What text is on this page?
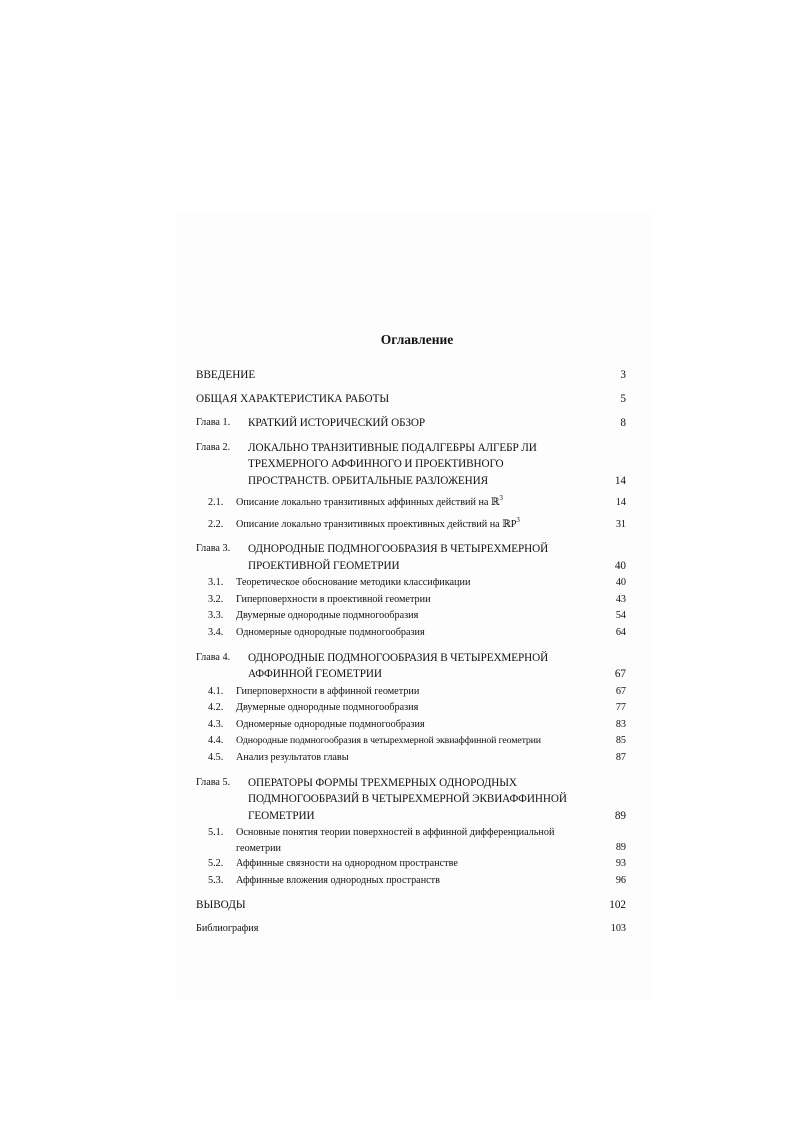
Оглавление
ВВЕДЕНИЕ	3
ОБЩАЯ ХАРАКТЕРИСТИКА РАБОТЫ	5
Глава 1.	КРАТКИЙ ИСТОРИЧЕСКИЙ ОБЗОР	8
Глава 2.	ЛОКАЛЬНО ТРАНЗИТИВНЫЕ ПОДАЛГЕБРЫ АЛГЕБР ЛИ ТРЕХМЕРНОГО АФФИННОГО И ПРОЕКТИВНОГО ПРОСТРАНСТВ. ОРБИТАЛЬНЫЕ РАЗЛОЖЕНИЯ	14
2.1.	Описание локально транзитивных аффинных действий на ℝ$^3$	14
2.2.	Описание локально транзитивных проективных действий на ℝP$^3$	31
Глава 3.	ОДНОРОДНЫЕ ПОДМНОГООБРАЗИЯ В ЧЕТЫРЕХМЕРНОЙ ПРОЕКТИВНОЙ ГЕОМЕТРИИ	40
3.1.	Теоретическое обоснование методики классификации	40
3.2.	Гиперповерхности в проективной геометрии	43
3.3.	Двумерные однородные подмногообразия	54
3.4.	Одномерные однородные подмногообразия	64
Глава 4.	ОДНОРОДНЫЕ ПОДМНОГООБРАЗИЯ В ЧЕТЫРЕХМЕРНОЙ АФФИННОЙ ГЕОМЕТРИИ	67
4.1.	Гиперповерхности в аффинной геометрии	67
4.2.	Двумерные однородные подмногообразия	77
4.3.	Одномерные однородные подмногообразия	83
4.4.	Однородные подмногообразия в четырехмерной эквиаффинной геометрии	85
4.5.	Анализ результатов главы	87
Глава 5.	ОПЕРАТОРЫ ФОРМЫ ТРЕХМЕРНЫХ ОДНОРОДНЫХ ПОДМНОГООБРАЗИЙ В ЧЕТЫРЕХМЕРНОЙ ЭКВИАФФИННОЙ ГЕОМЕТРИИ	89
5.1.	Основные понятия теории поверхностей в аффинной дифференциальной геометрии	89
5.2.	Аффинные связности на однородном пространстве	93
5.3.	Аффинные вложения однородных пространств	96
ВЫВОДЫ	102
Библиография	103
